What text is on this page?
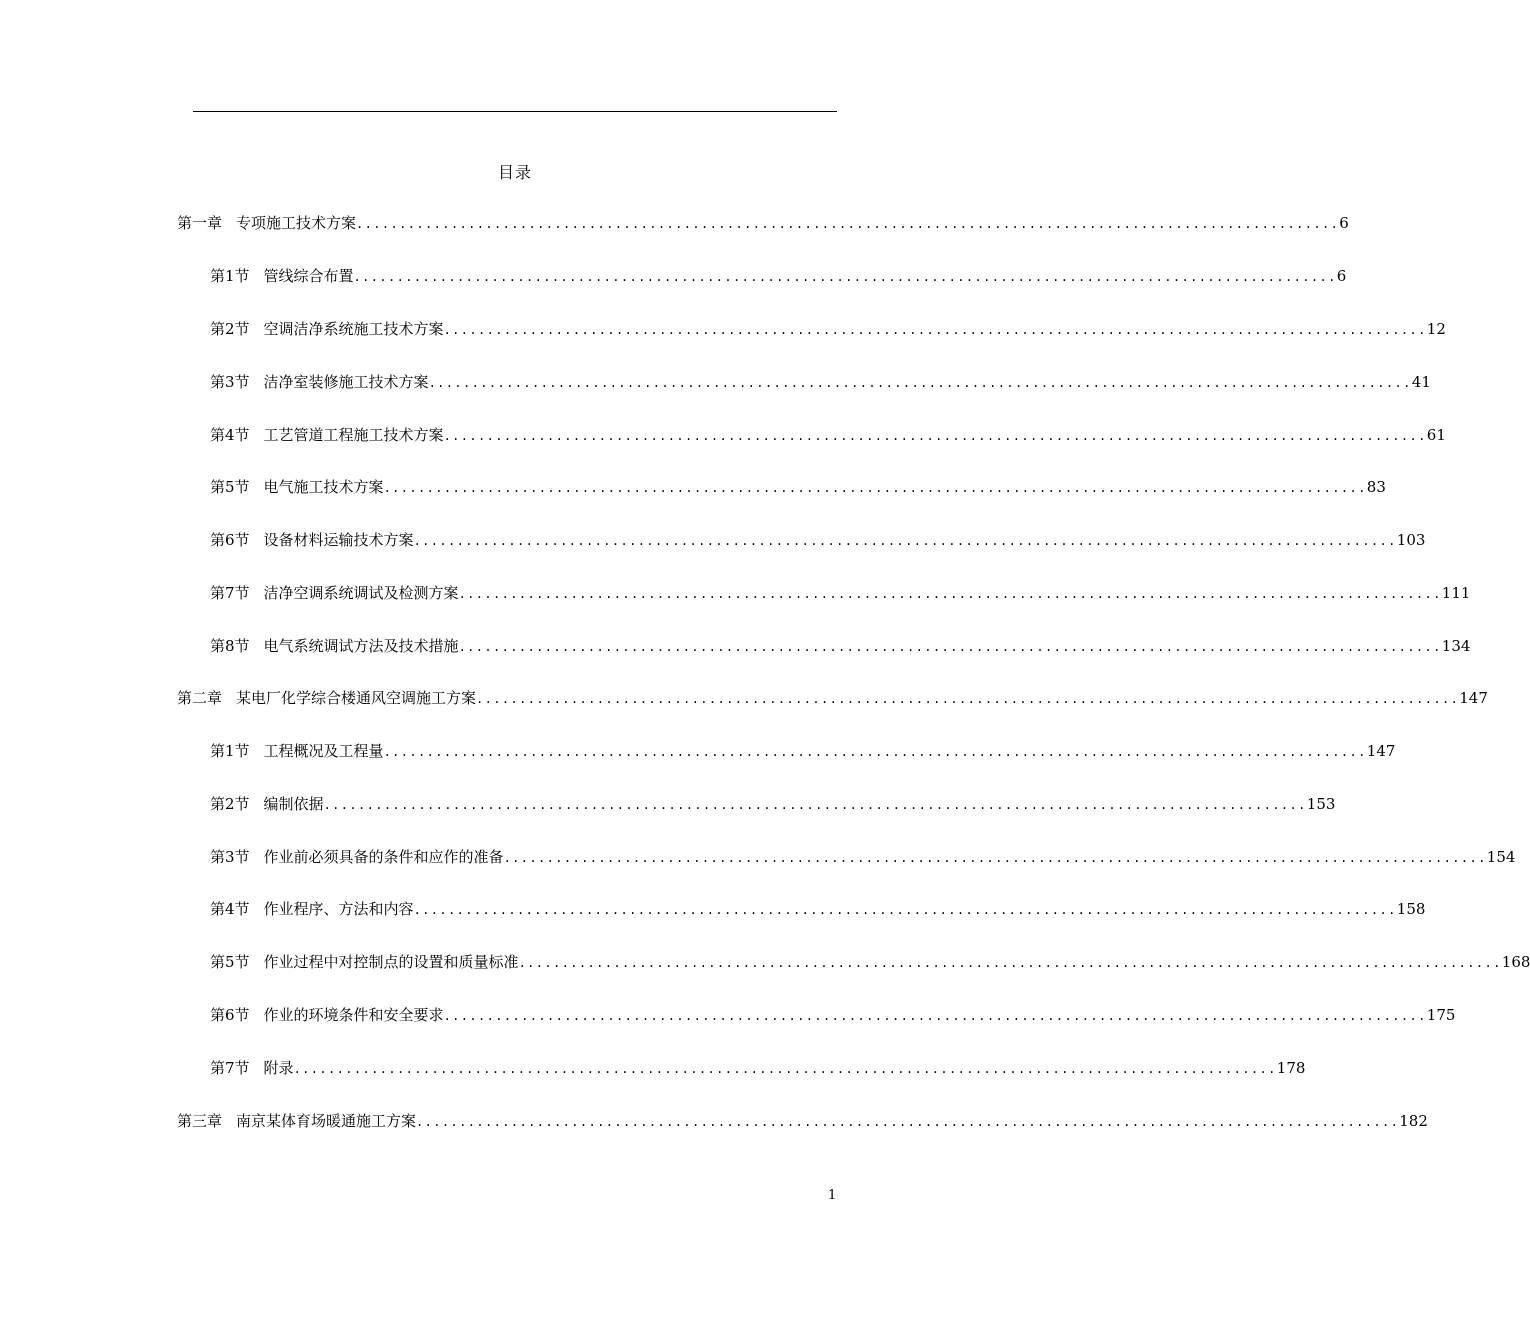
目录
第一章 专项施工技术方案 .................................................................................................................. 6
第1节 管线综合布置 .................................................................................................................. 6
第2节 空调洁净系统施工技术方案 .................................................................................................................. 12
第3节 洁净室装修施工技术方案 .................................................................................................................. 41
第4节 工艺管道工程施工技术方案 .................................................................................................................. 61
第5节 电气施工技术方案 .................................................................................................................. 83
第6节 设备材料运输技术方案 .................................................................................................................. 103
第7节 洁净空调系统调试及检测方案 .................................................................................................................. 111
第8节 电气系统调试方法及技术措施 .................................................................................................................. 134
第二章 某电厂化学综合楼通风空调施工方案 .................................................................................................................. 147
第1节 工程概况及工程量 .................................................................................................................. 147
第2节 编制依据 .................................................................................................................. 153
第3节 作业前必须具备的条件和应作的准备 .................................................................................................................. 154
第4节 作业程序、方法和内容 .................................................................................................................. 158
第5节 作业过程中对控制点的设置和质量标准 .................................................................................................................. 168
第6节 作业的环境条件和安全要求 .................................................................................................................. 175
第7节 附录 .................................................................................................................. 178
第三章 南京某体育场暖通施工方案 .................................................................................................................. 182
1
